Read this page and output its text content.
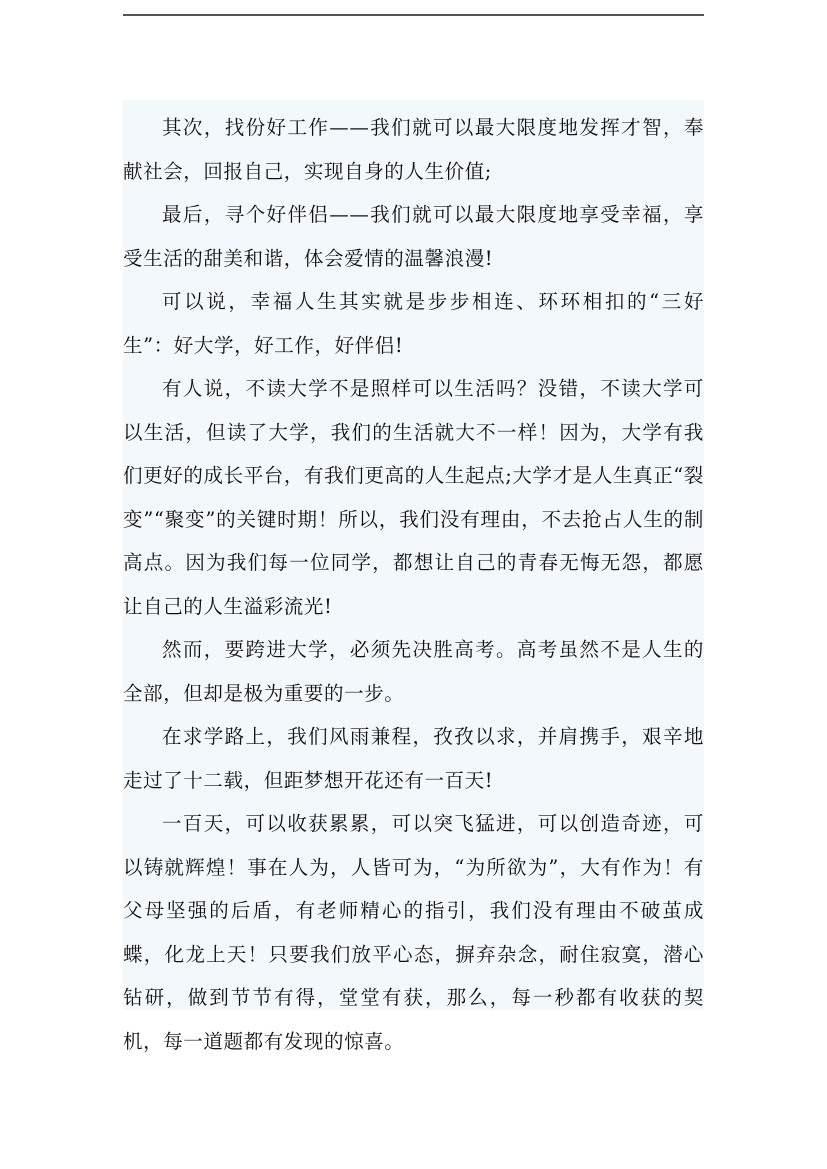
其次，找份好工作——我们就可以最大限度地发挥才智，奉献社会，回报自己，实现自身的人生价值;

最后，寻个好伴侣——我们就可以最大限度地享受幸福，享受生活的甜美和谐，体会爱情的温馨浪漫!

可以说，幸福人生其实就是步步相连、环环相扣的“三好生”：好大学，好工作，好伴侣!

有人说，不读大学不是照样可以生活吗？没错，不读大学可以生活，但读了大学，我们的生活就大不一样！因为，大学有我们更好的成长平台，有我们更高的人生起点;大学才是人生真正“裂变”“聚变”的关键时期！所以，我们没有理由，不去抢占人生的制高点。因为我们每一位同学，都想让自己的青春无悔无怨，都愿让自己的人生溢彩流光!

然而，要跨进大学，必须先决胜高考。高考虽然不是人生的全部，但却是极为重要的一步。

在求学路上，我们风雨兼程，孜孜以求，并肩携手，艰辛地走过了十二载，但距梦想开花还有一百天!

一百天，可以收获累累，可以突飞猛进，可以创造奇迹，可以铸就辉煌！事在人为，人皆可为，“为所欲为”，大有作为！有父母坚强的后盾，有老师精心的指引，我们没有理由不破茧成蝶，化龙上天！只要我们放平心态，摒弃杂念，耐住寂寞，潜心钻研，做到节节有得，堂堂有获，那么，每一秒都有收获的契机，每一道题都有发现的惊喜。
